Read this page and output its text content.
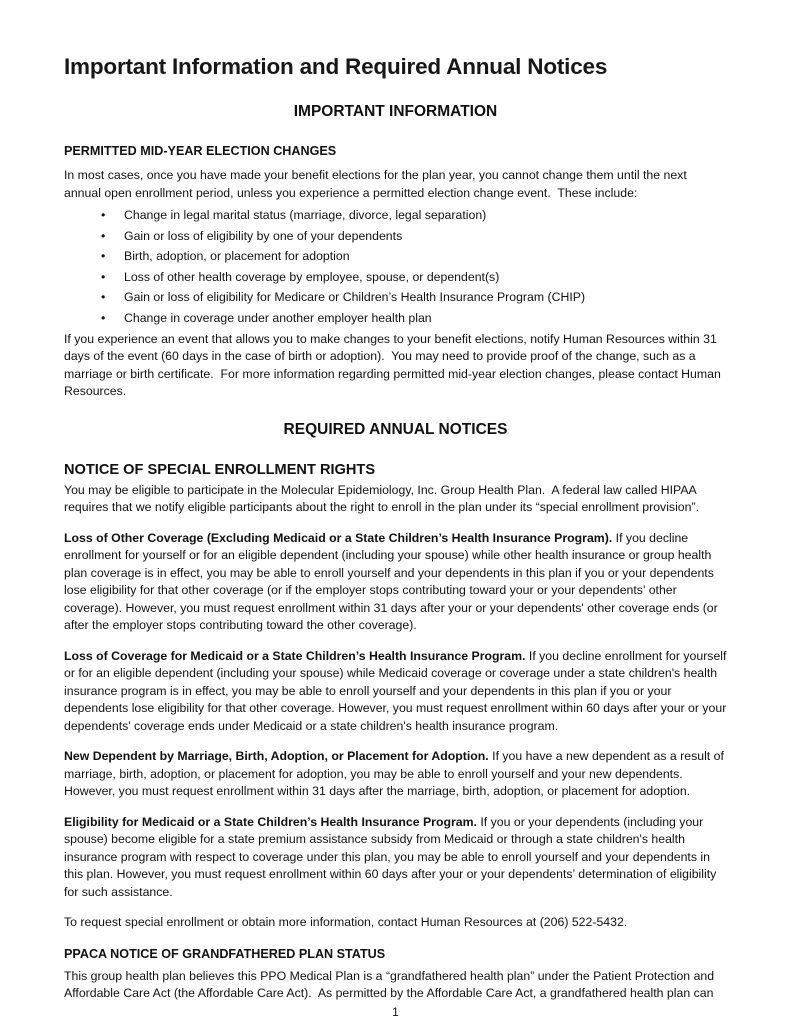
Important Information and Required Annual Notices
IMPORTANT INFORMATION
PERMITTED MID-YEAR ELECTION CHANGES

In most cases, once you have made your benefit elections for the plan year, you cannot change them until the next annual open enrollment period, unless you experience a permitted election change event.  These include:

• Change in legal marital status (marriage, divorce, legal separation)
• Gain or loss of eligibility by one of your dependents
• Birth, adoption, or placement for adoption
• Loss of other health coverage by employee, spouse, or dependent(s)
• Gain or loss of eligibility for Medicare or Children’s Health Insurance Program (CHIP)
• Change in coverage under another employer health plan

If you experience an event that allows you to make changes to your benefit elections, notify Human Resources within 31 days of the event (60 days in the case of birth or adoption).  You may need to provide proof of the change, such as a marriage or birth certificate.  For more information regarding permitted mid-year election changes, please contact Human Resources.

REQUIRED ANNUAL NOTICES
NOTICE OF SPECIAL ENROLLMENT RIGHTS

You may be eligible to participate in the Molecular Epidemiology, Inc. Group Health Plan.  A federal law called HIPAA requires that we notify eligible participants about the right to enroll in the plan under its “special enrollment provision”.

Loss of Other Coverage (Excluding Medicaid or a State Children’s Health Insurance Program). If you decline enrollment for yourself or for an eligible dependent (including your spouse) while other health insurance or group health plan coverage is in effect, you may be able to enroll yourself and your dependents in this plan if you or your dependents lose eligibility for that other coverage (or if the employer stops contributing toward your or your dependents' other coverage). However, you must request enrollment within 31 days after your or your dependents' other coverage ends (or after the employer stops contributing toward the other coverage).

Loss of Coverage for Medicaid or a State Children’s Health Insurance Program. If you decline enrollment for yourself or for an eligible dependent (including your spouse) while Medicaid coverage or coverage under a state children's health insurance program is in effect, you may be able to enroll yourself and your dependents in this plan if you or your dependents lose eligibility for that other coverage. However, you must request enrollment within 60 days after your or your dependents' coverage ends under Medicaid or a state children's health insurance program.

New Dependent by Marriage, Birth, Adoption, or Placement for Adoption. If you have a new dependent as a result of marriage, birth, adoption, or placement for adoption, you may be able to enroll yourself and your new dependents. However, you must request enrollment within 31 days after the marriage, birth, adoption, or placement for adoption.

Eligibility for Medicaid or a State Children’s Health Insurance Program. If you or your dependents (including your spouse) become eligible for a state premium assistance subsidy from Medicaid or through a state children's health insurance program with respect to coverage under this plan, you may be able to enroll yourself and your dependents in this plan. However, you must request enrollment within 60 days after your or your dependents’ determination of eligibility for such assistance.

To request special enrollment or obtain more information, contact Human Resources at (206) 522-5432.

PPACA NOTICE OF GRANDFATHERED PLAN STATUS

This group health plan believes this PPO Medical Plan is a “grandfathered health plan” under the Patient Protection and Affordable Care Act (the Affordable Care Act).  As permitted by the Affordable Care Act, a grandfathered health plan can

1
